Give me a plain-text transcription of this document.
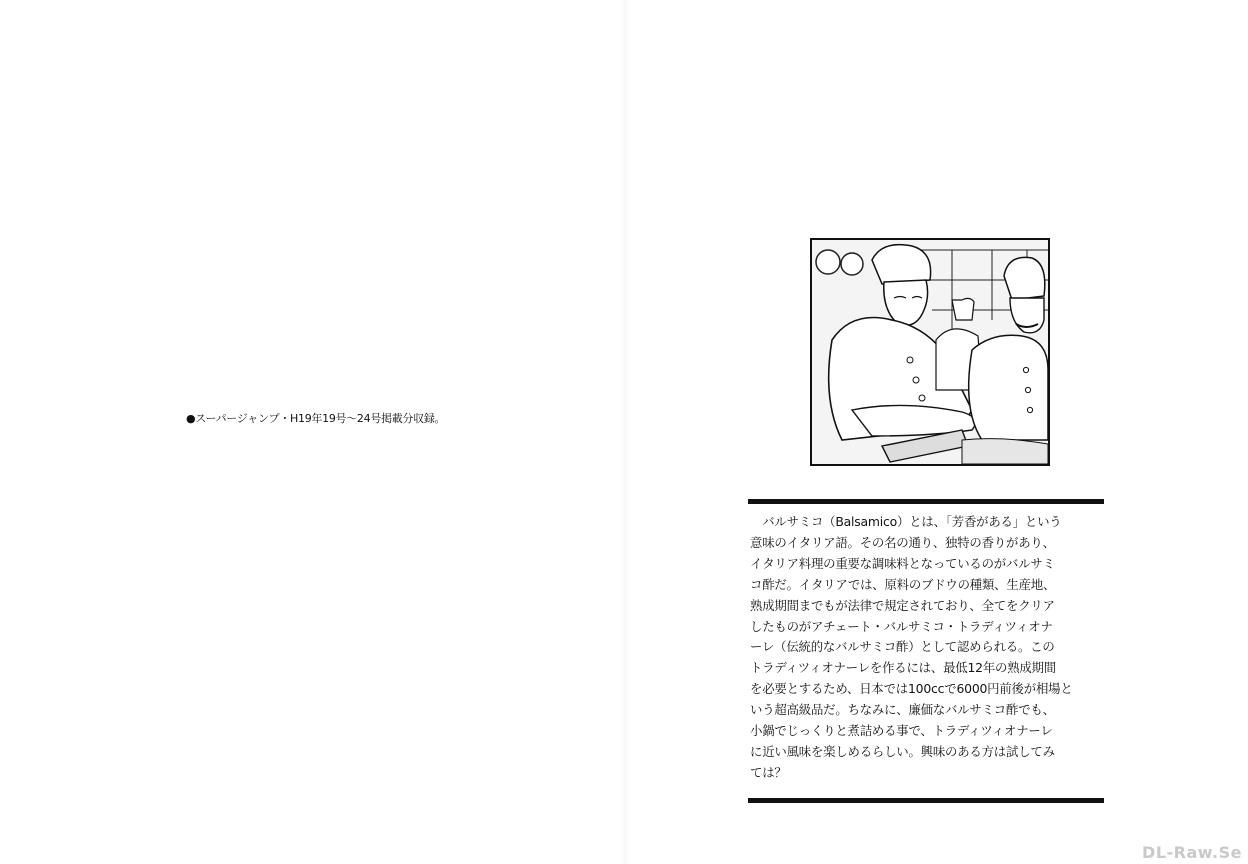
●スーパージャンプ・H19年19号〜24号掲載分収録。
　バルサミコ（Balsamico）とは、「芳香がある」という
意味のイタリア語。その名の通り、独特の香りがあり、
イタリア料理の重要な調味料となっているのがバルサミ
コ酢だ。イタリアでは、原料のブドウの種類、生産地、
熟成期間までもが法律で規定されており、全てをクリア
したものがアチェート・バルサミコ・トラディツィオナ
ーレ（伝統的なバルサミコ酢）として認められる。この
トラディツィオナーレを作るには、最低12年の熟成期間
を必要とするため、日本では100ccで6000円前後が相場と
いう超高級品だ。ちなみに、廉価なバルサミコ酢でも、
小鍋でじっくりと煮詰める事で、トラディツィオナーレ
に近い風味を楽しめるらしい。興味のある方は試してみ
ては？
DL-Raw.Se
